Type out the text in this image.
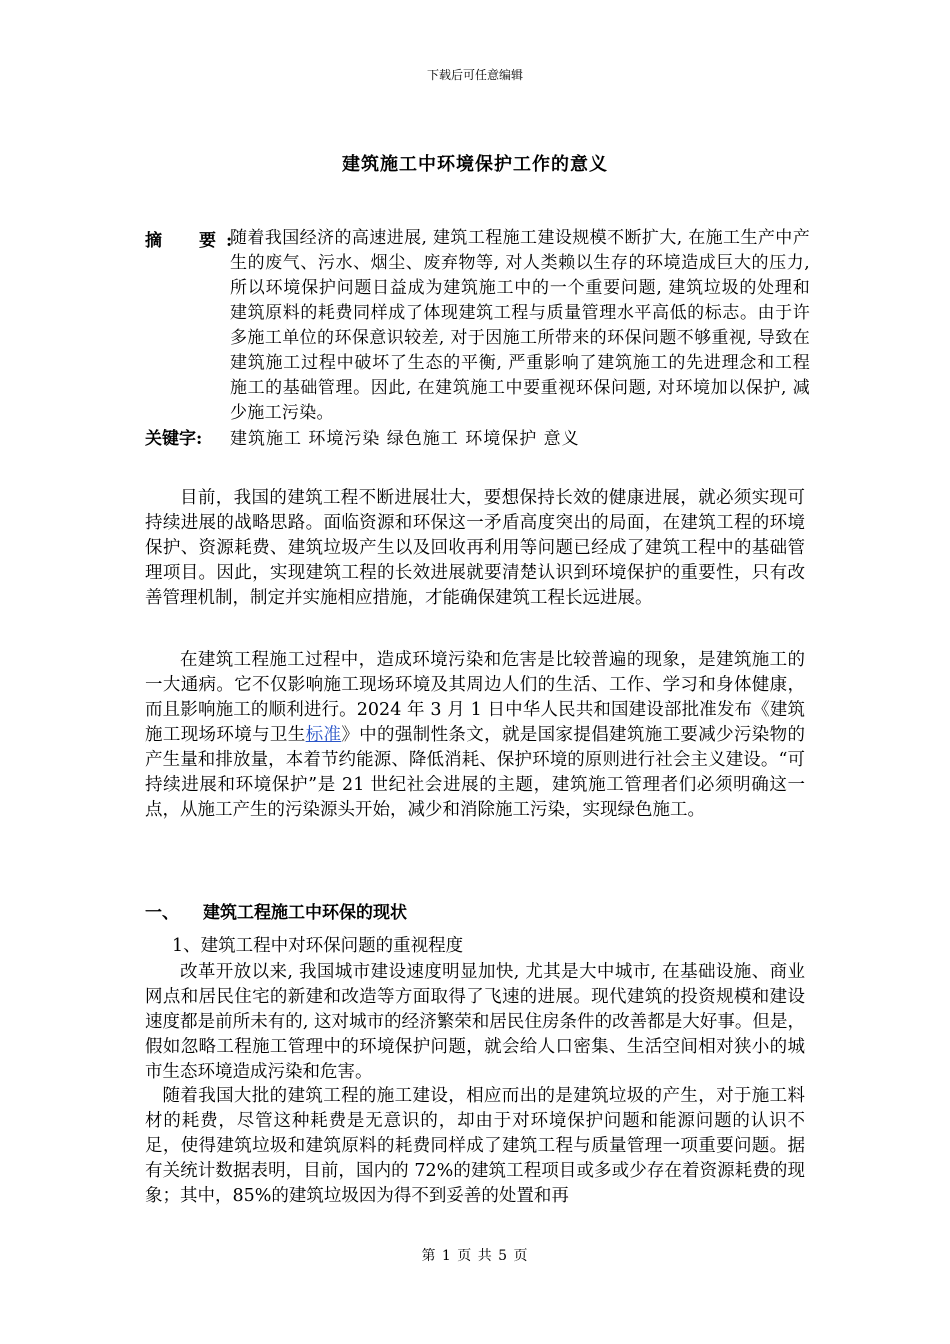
下载后可任意编辑
建筑施工中环境保护工作的意义
摘　要:
随着我国经济的高速进展, 建筑工程施工建设规模不断扩大, 在施工生产中产生的废气、污水、烟尘、废弃物等, 对人类赖以生存的环境造成巨大的压力, 所以环境保护问题日益成为建筑施工中的一个重要问题, 建筑垃圾的处理和建筑原料的耗费同样成了体现建筑工程与质量管理水平高低的标志。由于许多施工单位的环保意识较差, 对于因施工所带来的环保问题不够重视, 导致在建筑施工过程中破坏了生态的平衡, 严重影响了建筑施工的先进理念和工程施工的基础管理。因此, 在建筑施工中要重视环保问题, 对环境加以保护, 减少施工污染。
关键字: 建筑施工 环境污染 绿色施工 环境保护 意义
目前，我国的建筑工程不断进展壮大，要想保持长效的健康进展，就必须实现可持续进展的战略思路。面临资源和环保这一矛盾高度突出的局面，在建筑工程的环境保护、资源耗费、建筑垃圾产生以及回收再利用等问题已经成了建筑工程中的基础管理项目。因此，实现建筑工程的长效进展就要清楚认识到环境保护的重要性，只有改善管理机制，制定并实施相应措施，才能确保建筑工程长远进展。
在建筑工程施工过程中，造成环境污染和危害是比较普遍的现象，是建筑施工的一大通病。它不仅影响施工现场环境及其周边人们的生活、工作、学习和身体健康，而且影响施工的顺利进行。2024 年 3 月 1 日中华人民共和国建设部批准发布《建筑施工现场环境与卫生标准》中的强制性条文，就是国家提倡建筑施工要减少污染物的产生量和排放量，本着节约能源、降低消耗、保护环境的原则进行社会主义建设。“可持续进展和环境保护”是 21 世纪社会进展的主题，建筑施工管理者们必须明确这一点，从施工产生的污染源头开始，减少和消除施工污染，实现绿色施工。
一、 建筑工程施工中环保的现状
1、建筑工程中对环保问题的重视程度
改革开放以来, 我国城市建设速度明显加快, 尤其是大中城市, 在基础设施、商业网点和居民住宅的新建和改造等方面取得了飞速的进展。现代建筑的投资规模和建设速度都是前所未有的, 这对城市的经济繁荣和居民住房条件的改善都是大好事。但是，假如忽略工程施工管理中的环境保护问题，就会给人口密集、生活空间相对狭小的城市生态环境造成污染和危害。
随着我国大批的建筑工程的施工建设，相应而出的是建筑垃圾的产生，对于施工料材的耗费，尽管这种耗费是无意识的，却由于对环境保护问题和能源问题的认识不足，使得建筑垃圾和建筑原料的耗费同样成了建筑工程与质量管理一项重要问题。据有关统计数据表明，目前，国内的 72%的建筑工程项目或多或少存在着资源耗费的现象；其中，85%的建筑垃圾因为得不到妥善的处置和再
第 1 页 共 5 页
